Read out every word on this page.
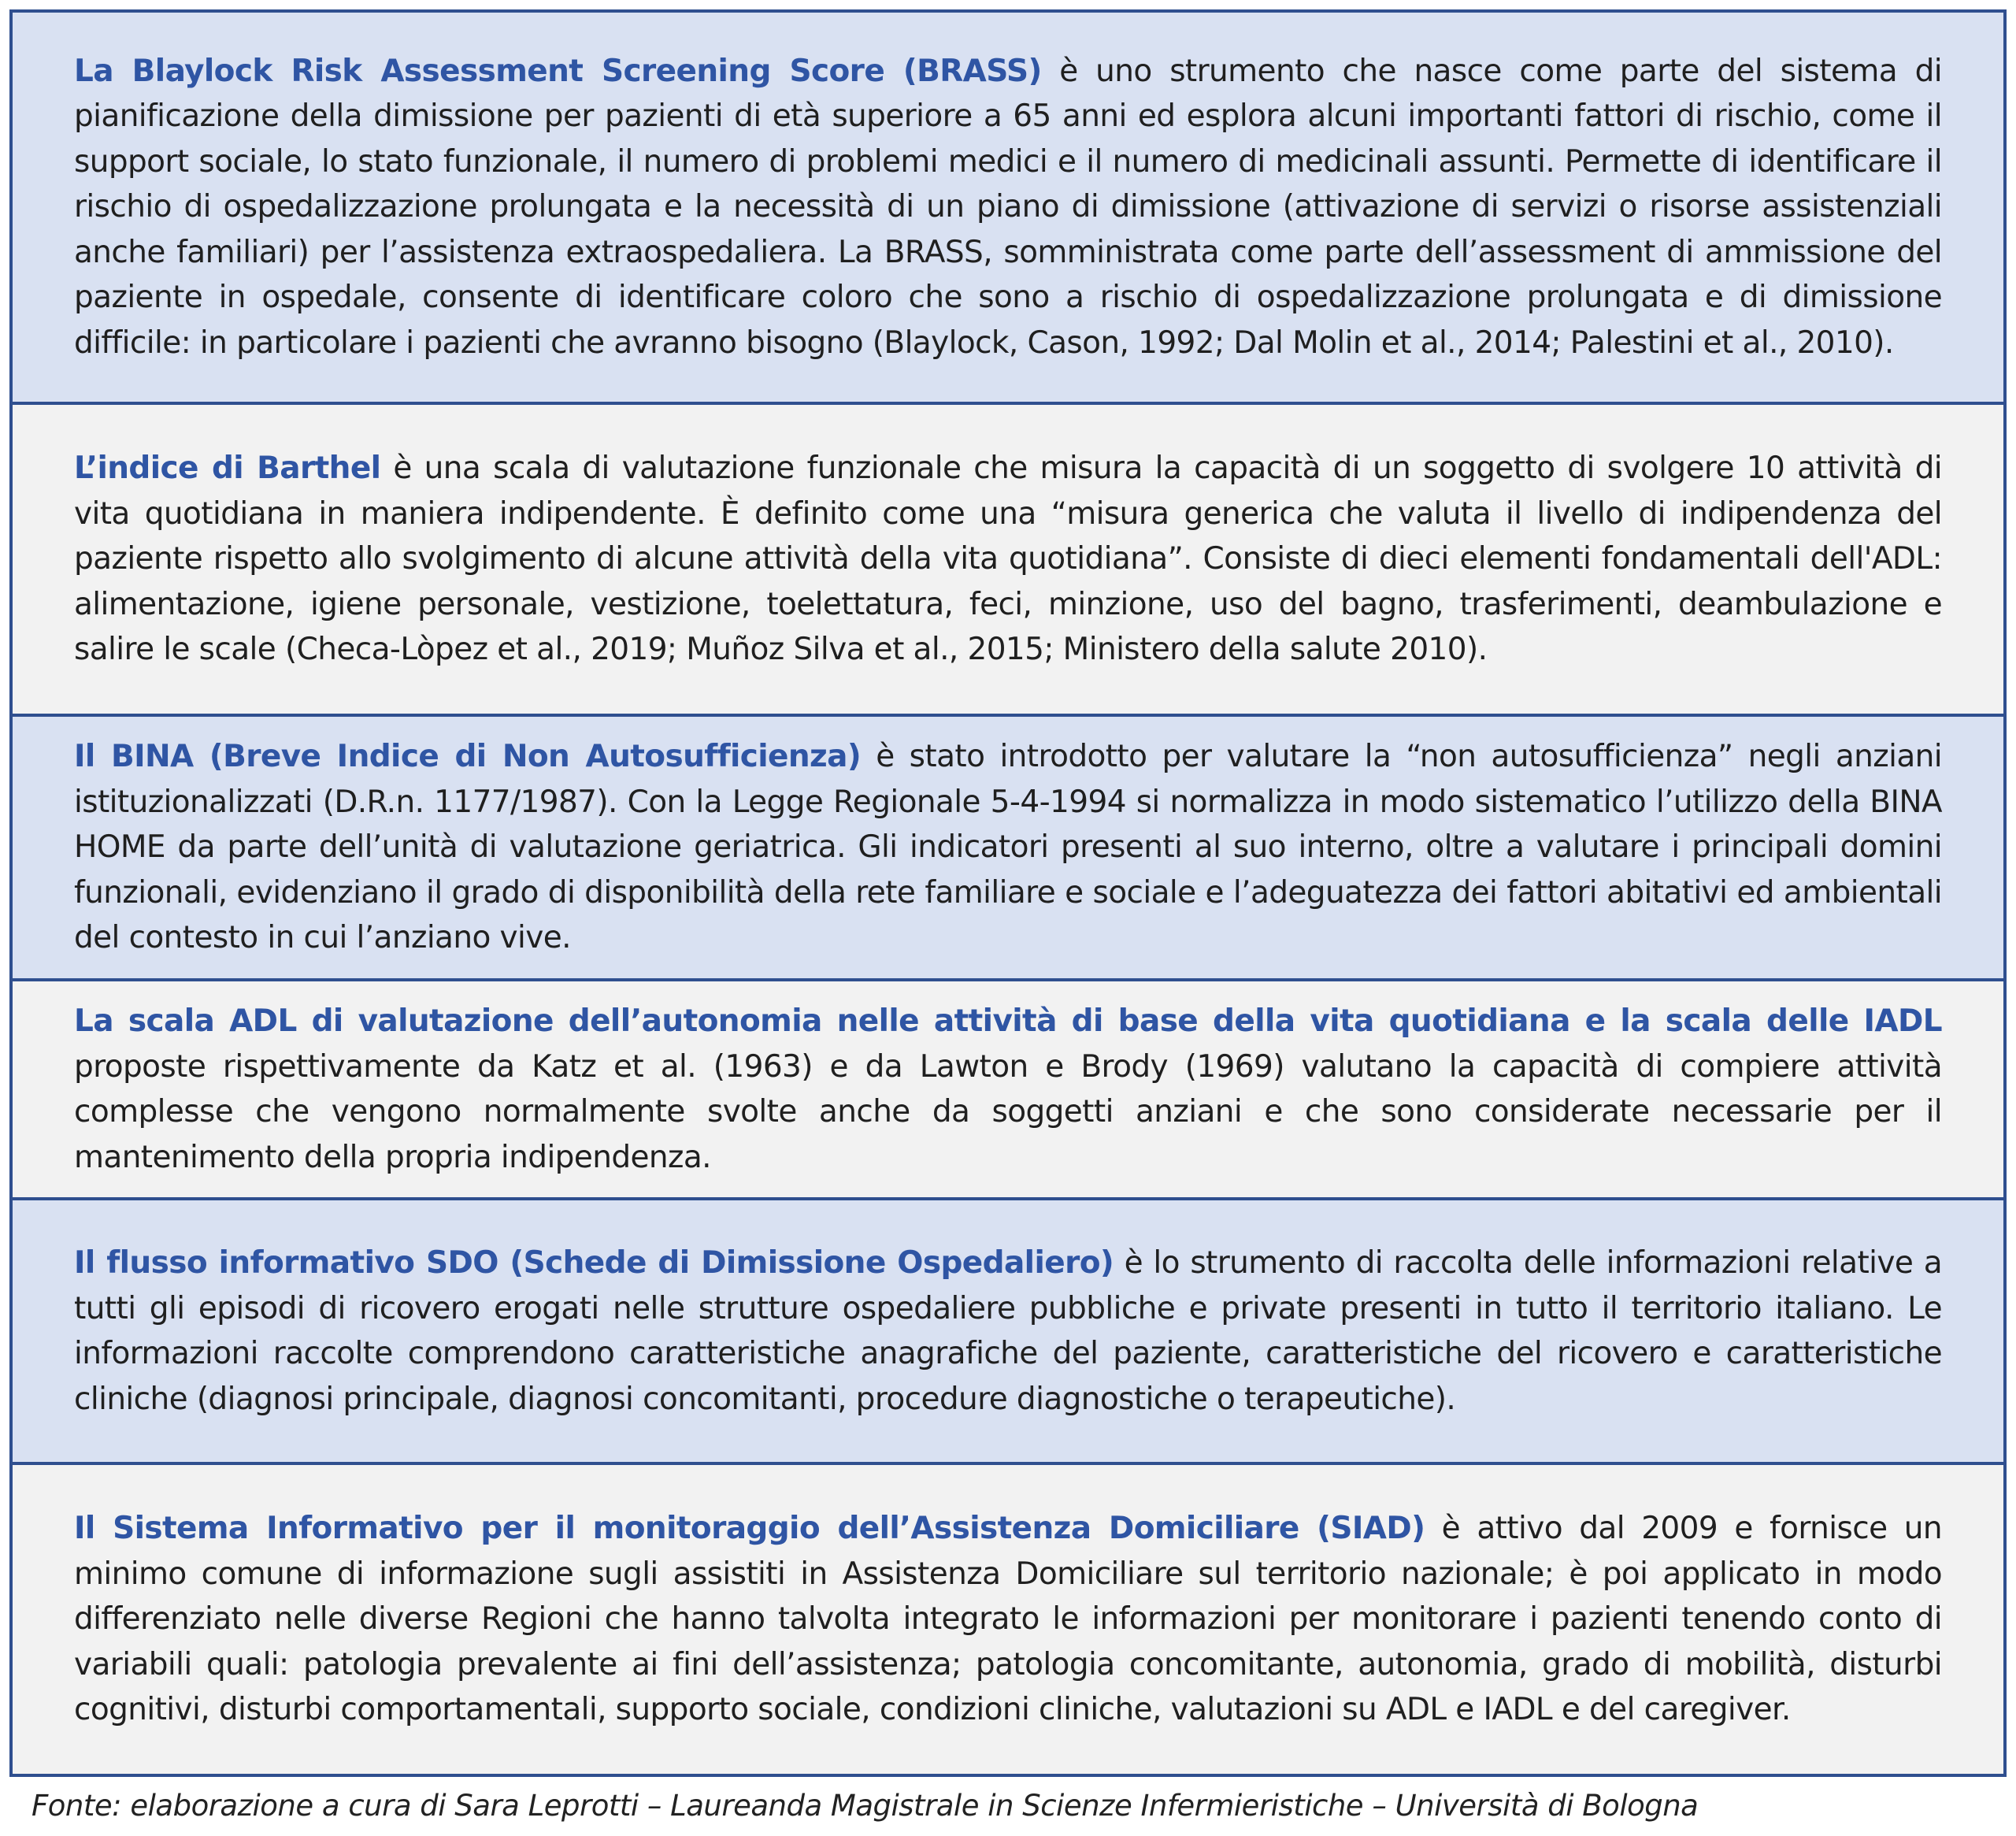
La Blaylock Risk Assessment Screening Score (BRASS) è uno strumento che nasce come parte del sistema di pianificazione della dimissione per pazienti di età superiore a 65 anni ed esplora alcuni importanti fattori di rischio, come il support sociale, lo stato funzionale, il numero di problemi medici e il numero di medicinali assunti. Permette di identificare il rischio di ospedalizzazione prolungata e la necessità di un piano di dimissione (attivazione di servizi o risorse assistenziali anche familiari) per l’assistenza extraospedaliera. La BRASS, somministrata come parte dell’assessment di ammissione del paziente in ospedale, consente di identificare coloro che sono a rischio di ospedalizzazione prolungata e di dimissione difficile: in particolare i pazienti che avranno bisogno (Blaylock, Cason, 1992; Dal Molin et al., 2014; Palestini et al., 2010).

L’indice di Barthel è una scala di valutazione funzionale che misura la capacità di un soggetto di svolgere 10 attività di vita quotidiana in maniera indipendente. È definito come una “misura generica che valuta il livello di indipendenza del paziente rispetto allo svolgimento di alcune attività della vita quotidiana”. Consiste di dieci elementi fondamentali dell'ADL: alimentazione, igiene personale, vestizione, toelettatura, feci, minzione, uso del bagno, trasferimenti, deambulazione e salire le scale (Checa-Lòpez et al., 2019; Muñoz Silva et al., 2015; Ministero della salute 2010).

Il BINA (Breve Indice di Non Autosufficienza) è stato introdotto per valutare la “non autosufficienza” negli anziani istituzionalizzati (D.R.n. 1177/1987). Con la Legge Regionale 5-4-1994 si normalizza in modo sistematico l’utilizzo della BINA HOME da parte dell’unità di valutazione geriatrica. Gli indicatori presenti al suo interno, oltre a valutare i principali domini funzionali, evidenziano il grado di disponibilità della rete familiare e sociale e l’adeguatezza dei fattori abitativi ed ambientali del contesto in cui l’anziano vive.

La scala ADL di valutazione dell’autonomia nelle attività di base della vita quotidiana e la scala delle IADL proposte rispettivamente da Katz et al. (1963) e da Lawton e Brody (1969) valutano la capacità di compiere attività complesse che vengono normalmente svolte anche da soggetti anziani e che sono considerate necessarie per il mantenimento della propria indipendenza.

Il flusso informativo SDO (Schede di Dimissione Ospedaliero) è lo strumento di raccolta delle informazioni relative a tutti gli episodi di ricovero erogati nelle strutture ospedaliere pubbliche e private presenti in tutto il territorio italiano. Le informazioni raccolte comprendono caratteristiche anagrafiche del paziente, caratteristiche del ricovero e caratteristiche cliniche (diagnosi principale, diagnosi concomitanti, procedure diagnostiche o terapeutiche).

Il Sistema Informativo per il monitoraggio dell’Assistenza Domiciliare (SIAD) è attivo dal 2009 e fornisce un minimo comune di informazione sugli assistiti in Assistenza Domiciliare sul territorio nazionale; è poi applicato in modo differenziato nelle diverse Regioni che hanno talvolta integrato le informazioni per monitorare i pazienti tenendo conto di variabili quali: patologia prevalente ai fini dell’assistenza; patologia concomitante, autonomia, grado di mobilità, disturbi cognitivi, disturbi comportamentali, supporto sociale, condizioni cliniche, valutazioni su ADL e IADL e del caregiver.

Fonte: elaborazione a cura di Sara Leprotti – Laureanda Magistrale in Scienze Infermieristiche – Università di Bologna
